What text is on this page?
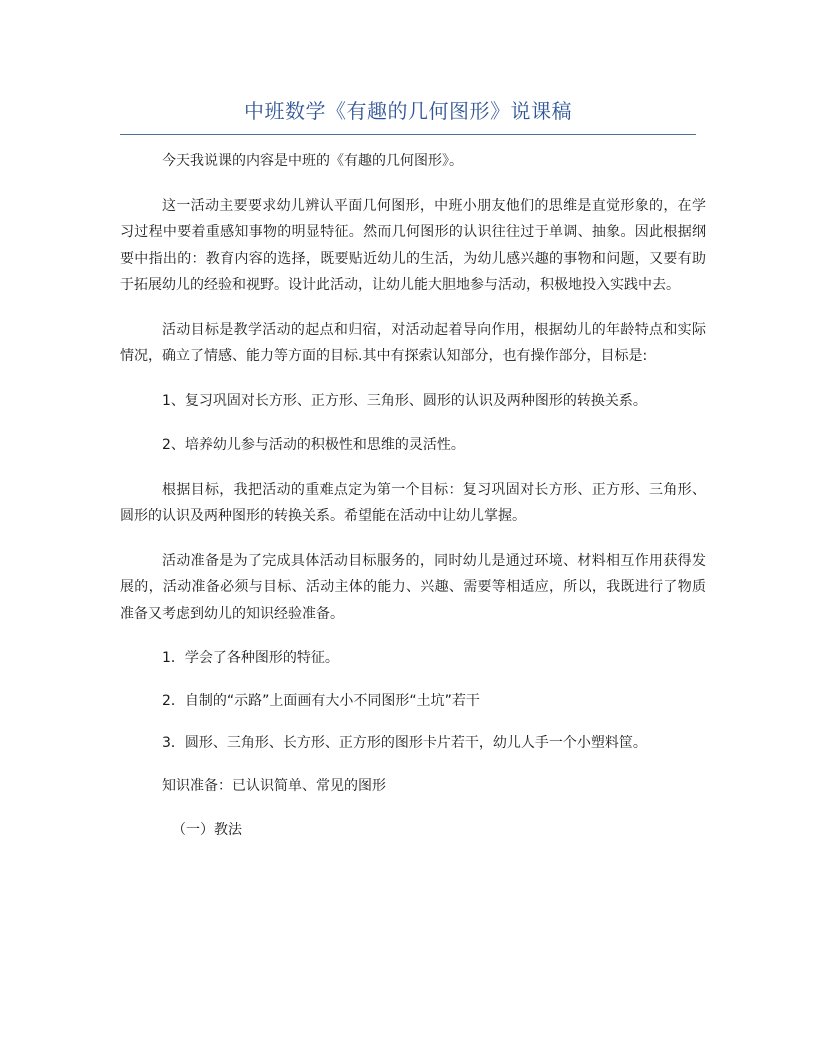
中班数学《有趣的几何图形》说课稿

今天我说课的内容是中班的《有趣的几何图形》。

这一活动主要要求幼儿辨认平面几何图形，中班小朋友他们的思维是直觉形象的，在学习过程中要着重感知事物的明显特征。然而几何图形的认识往往过于单调、抽象。因此根据纲要中指出的：教育内容的选择，既要贴近幼儿的生活，为幼儿感兴趣的事物和问题，又要有助于拓展幼儿的经验和视野。设计此活动，让幼儿能大胆地参与活动，积极地投入实践中去。

活动目标是教学活动的起点和归宿，对活动起着导向作用，根据幼儿的年龄特点和实际情况，确立了情感、能力等方面的目标.其中有探索认知部分，也有操作部分，目标是:

1、复习巩固对长方形、正方形、三角形、圆形的认识及两种图形的转换关系。

2、培养幼儿参与活动的积极性和思维的灵活性。

根据目标，我把活动的重难点定为第一个目标：复习巩固对长方形、正方形、三角形、圆形的认识及两种图形的转换关系。希望能在活动中让幼儿掌握。

活动准备是为了完成具体活动目标服务的，同时幼儿是通过环境、材料相互作用获得发展的，活动准备必须与目标、活动主体的能力、兴趣、需要等相适应，所以，我既进行了物质准备又考虑到幼儿的知识经验准备。

1．学会了各种图形的特征。

2．自制的“示路”上面画有大小不同图形“土坑”若干

3．圆形、三角形、长方形、正方形的图形卡片若干，幼儿人手一个小塑料筐。

知识准备：已认识简单、常见的图形

（一）教法
